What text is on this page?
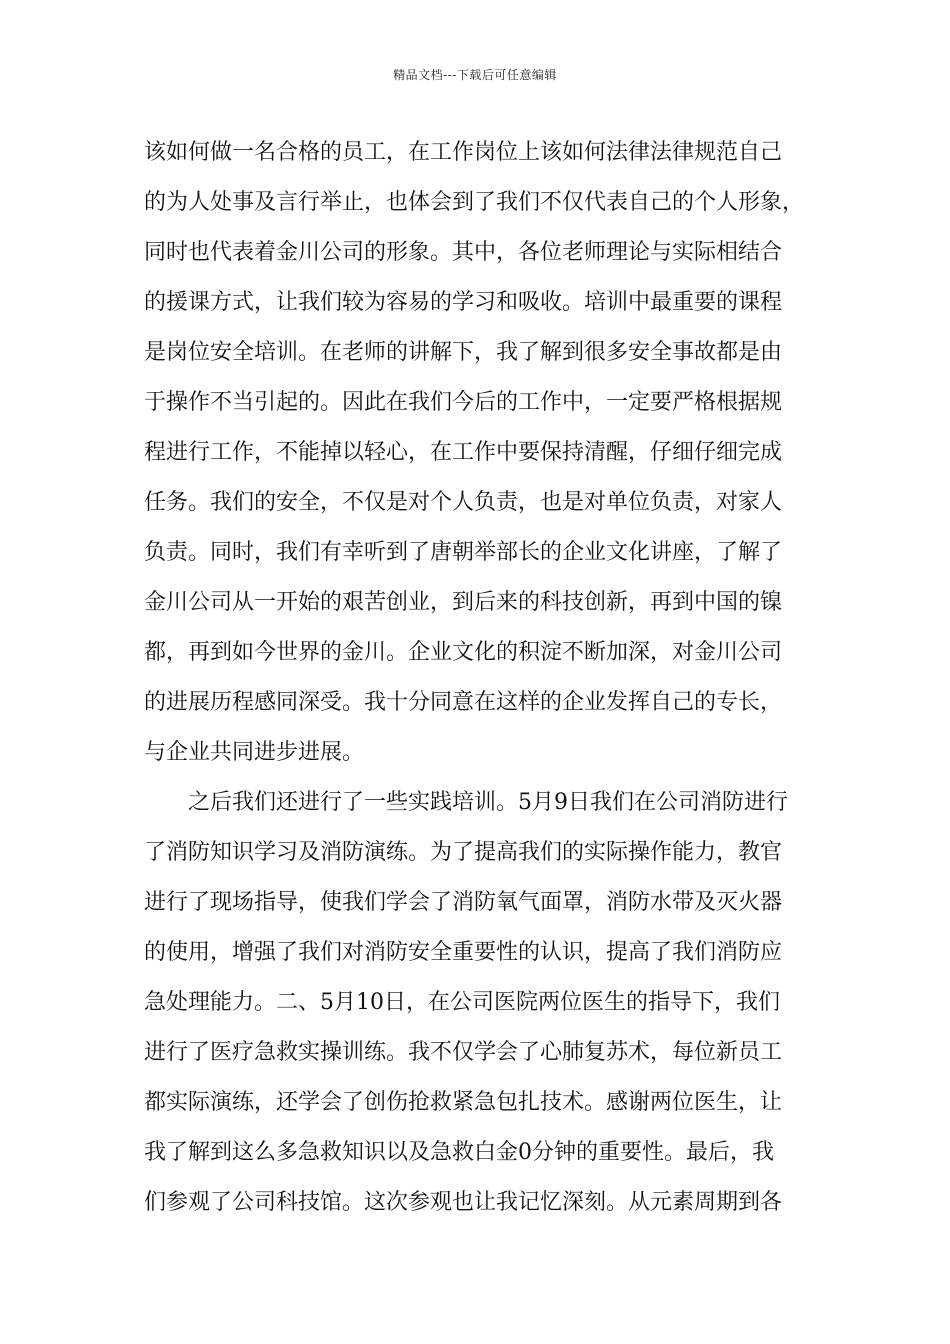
精品文档---下载后可任意编辑
该如何做一名合格的员工，在工作岗位上该如何法律法律规范自己
的为人处事及言行举止，也体会到了我们不仅代表自己的个人形象，
同时也代表着金川公司的形象。其中，各位老师理论与实际相结合
的援课方式，让我们较为容易的学习和吸收。培训中最重要的课程
是岗位安全培训。在老师的讲解下，我了解到很多安全事故都是由
于操作不当引起的。因此在我们今后的工作中，一定要严格根据规
程进行工作，不能掉以轻心，在工作中要保持清醒，仔细仔细完成
任务。我们的安全，不仅是对个人负责，也是对单位负责，对家人
负责。同时，我们有幸听到了唐朝举部长的企业文化讲座，了解了
金川公司从一开始的艰苦创业，到后来的科技创新，再到中国的镍
都，再到如今世界的金川。企业文化的积淀不断加深，对金川公司
的进展历程感同深受。我十分同意在这样的企业发挥自己的专长，
与企业共同进步进展。
之后我们还进行了一些实践培训。5月9日我们在公司消防进行
了消防知识学习及消防演练。为了提高我们的实际操作能力，教官
进行了现场指导，使我们学会了消防氧气面罩，消防水带及灭火器
的使用，增强了我们对消防安全重要性的认识，提高了我们消防应
急处理能力。二、5月10日，在公司医院两位医生的指导下，我们
进行了医疗急救实操训练。我不仅学会了心肺复苏术，每位新员工
都实际演练，还学会了创伤抢救紧急包扎技术。感谢两位医生，让
我了解到这么多急救知识以及急救白金0分钟的重要性。最后，我
们参观了公司科技馆。这次参观也让我记忆深刻。从元素周期到各
